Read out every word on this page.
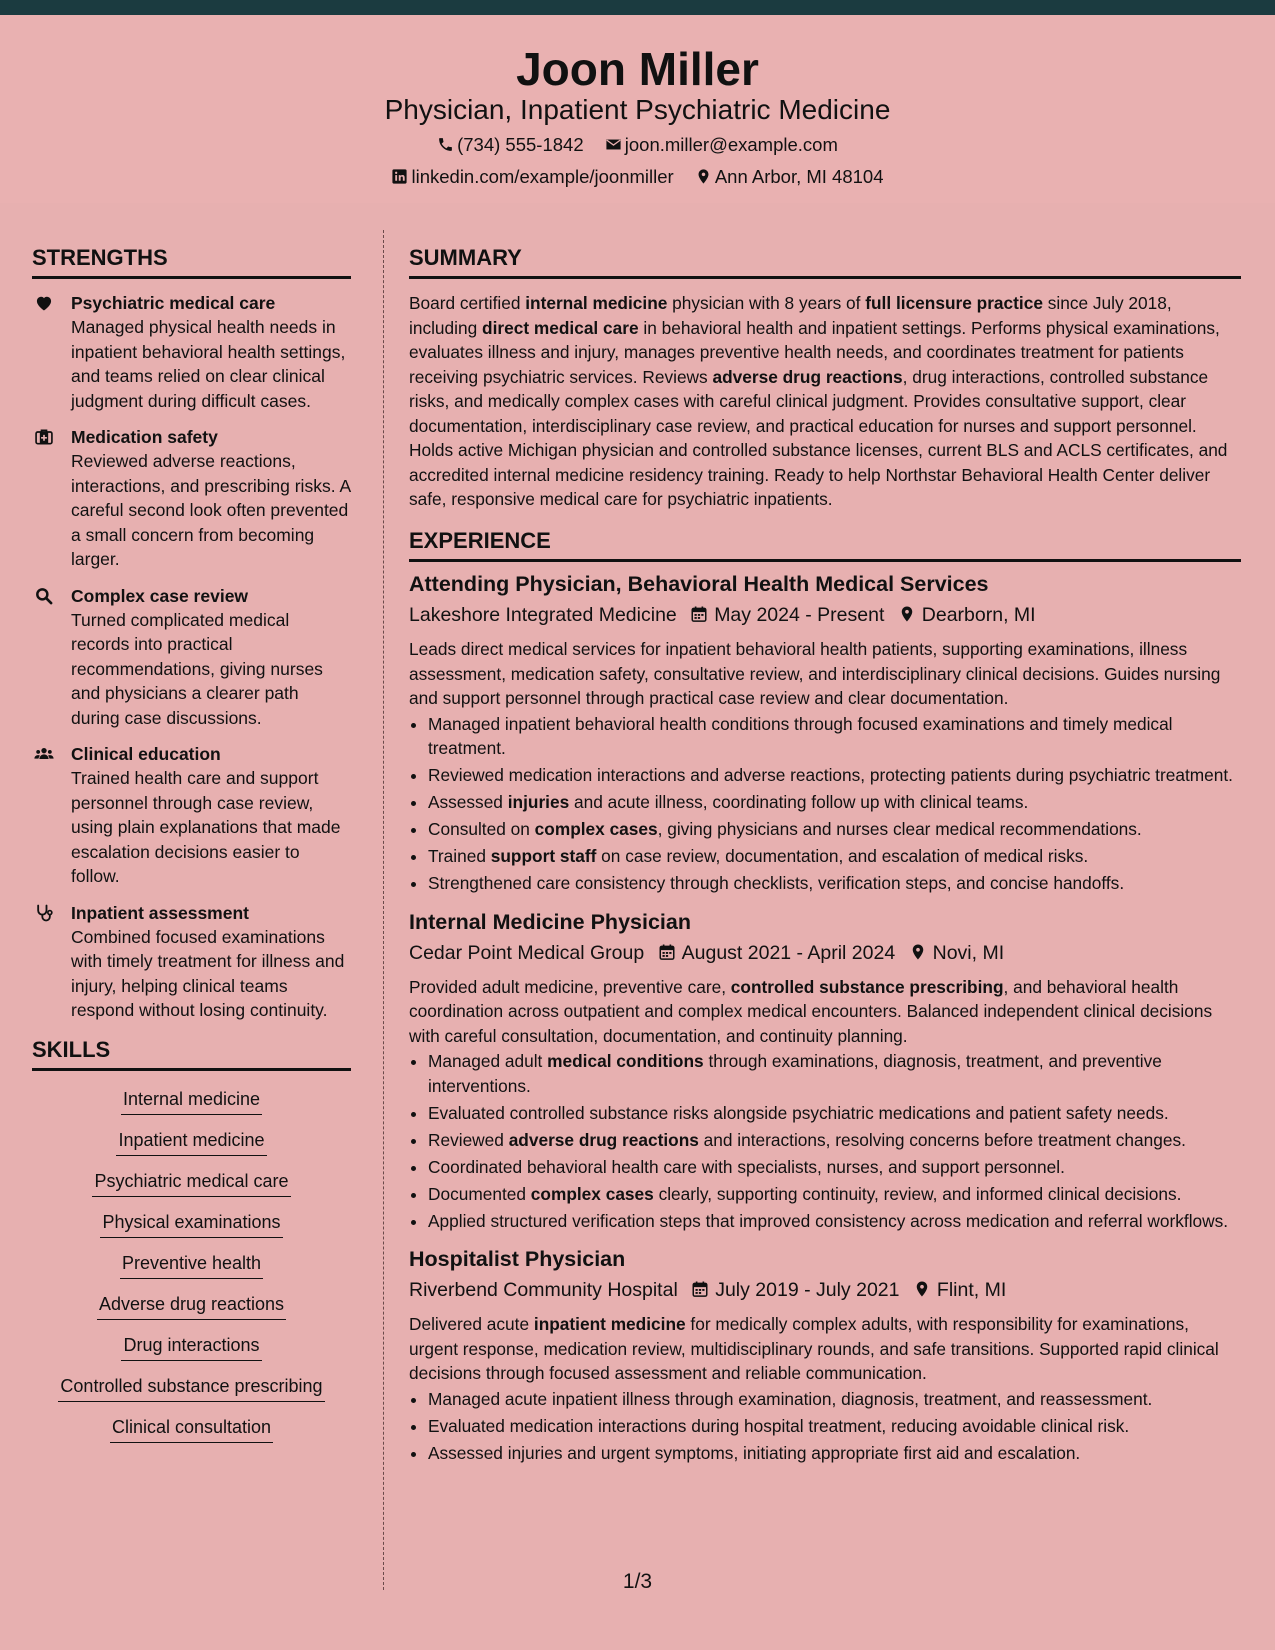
Joon Miller
Physician, Inpatient Psychiatric Medicine
(734) 555-1842 joon.miller@example.com
linkedin.com/example/joonmiller Ann Arbor, MI 48104
STRENGTHS
Psychiatric medical care
Managed physical health needs in inpatient behavioral health settings, and teams relied on clear clinical judgment during difficult cases.
Medication safety
Reviewed adverse reactions, interactions, and prescribing risks. A careful second look often prevented a small concern from becoming larger.
Complex case review
Turned complicated medical records into practical recommendations, giving nurses and physicians a clearer path during case discussions.
Clinical education
Trained health care and support personnel through case review, using plain explanations that made escalation decisions easier to follow.
Inpatient assessment
Combined focused examinations with timely treatment for illness and injury, helping clinical teams respond without losing continuity.
SKILLS
Internal medicine
Inpatient medicine
Psychiatric medical care
Physical examinations
Preventive health
Adverse drug reactions
Drug interactions
Controlled substance prescribing
Clinical consultation
SUMMARY

Board certified internal medicine physician with 8 years of full licensure practice since July 2018, including direct medical care in behavioral health and inpatient settings. Performs physical examinations, evaluates illness and injury, manages preventive health needs, and coordinates treatment for patients receiving psychiatric services. Reviews adverse drug reactions, drug interactions, controlled substance risks, and medically complex cases with careful clinical judgment. Provides consultative support, clear documentation, interdisciplinary case review, and practical education for nurses and support personnel. Holds active Michigan physician and controlled substance licenses, current BLS and ACLS certificates, and accredited internal medicine residency training. Ready to help Northstar Behavioral Health Center deliver safe, responsive medical care for psychiatric inpatients.

EXPERIENCE
Attending Physician, Behavioral Health Medical Services
Lakeshore Integrated Medicine May 2024 - Present Dearborn, MI
Leads direct medical services for inpatient behavioral health patients, supporting examinations, illness assessment, medication safety, consultative review, and interdisciplinary clinical decisions. Guides nursing and support personnel through practical case review and clear documentation.
• Managed inpatient behavioral health conditions through focused examinations and timely medical treatment.
• Reviewed medication interactions and adverse reactions, protecting patients during psychiatric treatment.
• Assessed injuries and acute illness, coordinating follow up with clinical teams.
• Consulted on complex cases, giving physicians and nurses clear medical recommendations.
• Trained support staff on case review, documentation, and escalation of medical risks.
• Strengthened care consistency through checklists, verification steps, and concise handoffs.
Internal Medicine Physician
Cedar Point Medical Group August 2021 - April 2024 Novi, MI
Provided adult medicine, preventive care, controlled substance prescribing, and behavioral health coordination across outpatient and complex medical encounters. Balanced independent clinical decisions with careful consultation, documentation, and continuity planning.
• Managed adult medical conditions through examinations, diagnosis, treatment, and preventive interventions.
• Evaluated controlled substance risks alongside psychiatric medications and patient safety needs.
• Reviewed adverse drug reactions and interactions, resolving concerns before treatment changes.
• Coordinated behavioral health care with specialists, nurses, and support personnel.
• Documented complex cases clearly, supporting continuity, review, and informed clinical decisions.
• Applied structured verification steps that improved consistency across medication and referral workflows.
Hospitalist Physician
Riverbend Community Hospital July 2019 - July 2021 Flint, MI
Delivered acute inpatient medicine for medically complex adults, with responsibility for examinations, urgent response, medication review, multidisciplinary rounds, and safe transitions. Supported rapid clinical decisions through focused assessment and reliable communication.
• Managed acute inpatient illness through examination, diagnosis, treatment, and reassessment.
• Evaluated medication interactions during hospital treatment, reducing avoidable clinical risk.
• Assessed injuries and urgent symptoms, initiating appropriate first aid and escalation.
1/3
